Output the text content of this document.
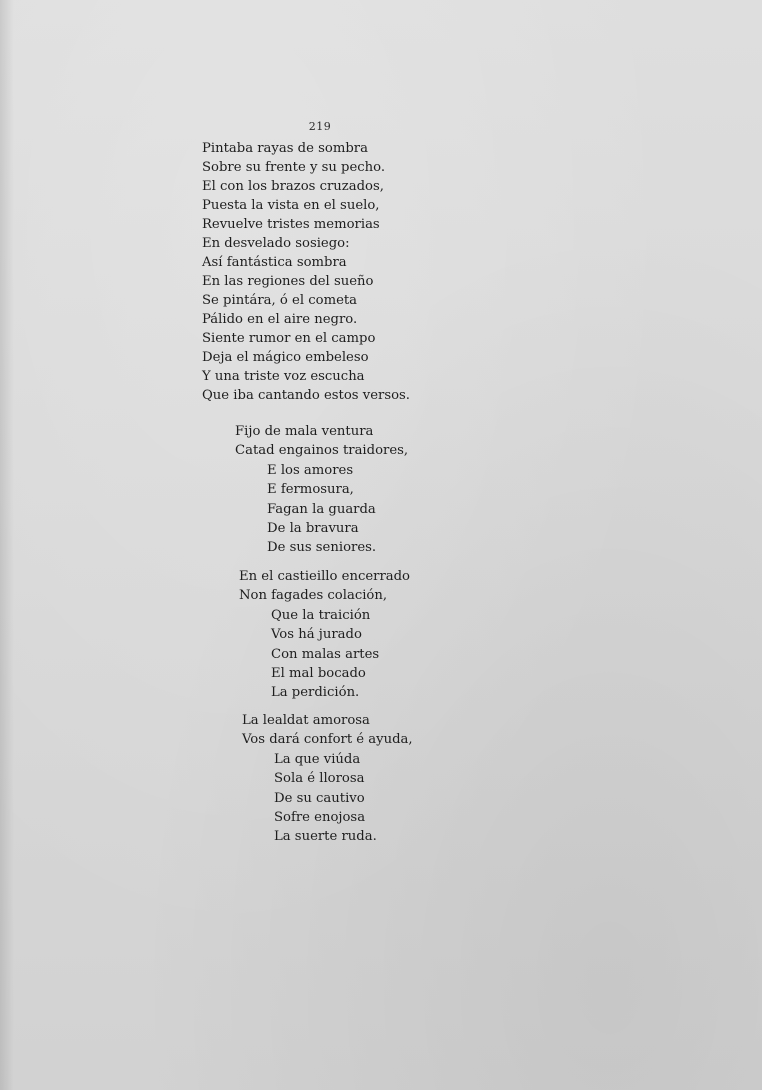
219
Pintaba rayas de sombra
Sobre su frente y su pecho.
El con los brazos cruzados,
Puesta la vista en el suelo,
Revuelve tristes memorias
En desvelado sosiego:
Así fantástica sombra
En las regiones del sueño
Se pintára, ó el cometa
Pálido en el aire negro.
Siente rumor en el campo
Deja el mágico embeleso
Y una triste voz escucha
Que iba cantando estos versos.
Fijo de mala ventura
Catad engainos traidores,
E los amores
E fermosura,
Fagan la guarda
De la bravura
De sus seniores.
En el castieillo encerrado
Non fagades colación,
Que la traición
Vos há jurado
Con malas artes
El mal bocado
La perdición.
La lealdat amorosa
Vos dará confort é ayuda,
La que viúda
Sola é llorosa
De su cautivo
Sofre enojosa
La suerte ruda.
